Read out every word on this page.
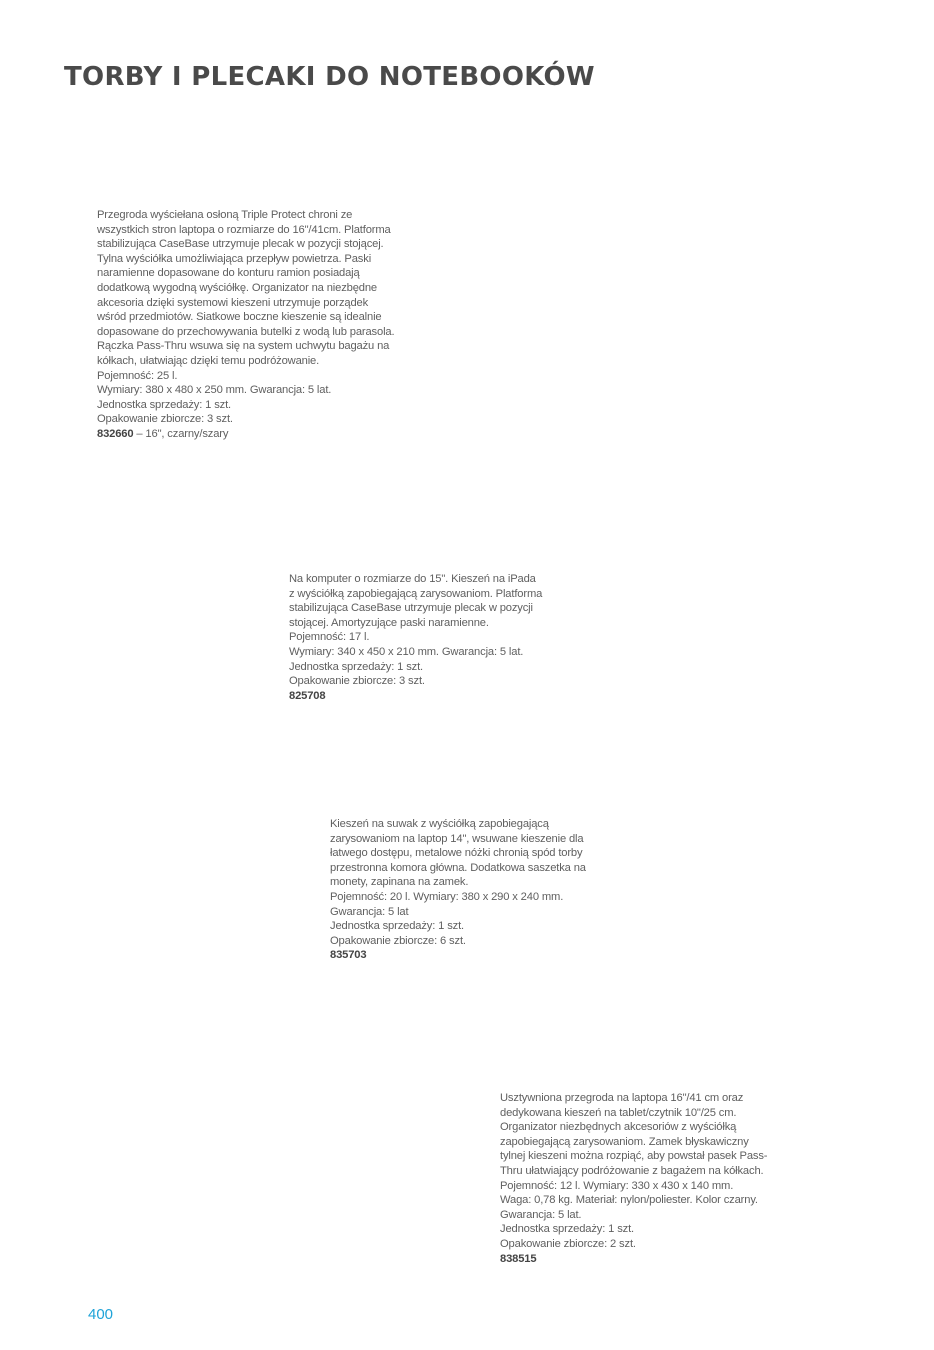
TORBY I PLECAKI DO NOTEBOOKÓW
Przegroda wyściełana osłoną Triple Protect chroni ze
wszystkich stron laptopa o rozmiarze do 16"/41cm. Platforma
stabilizująca CaseBase utrzymuje plecak w pozycji stojącej.
Tylna wyściółka umożliwiająca przepływ powietrza. Paski
naramienne dopasowane do konturu ramion posiadają
dodatkową wygodną wyściółkę. Organizator na niezbędne
akcesoria dzięki systemowi kieszeni utrzymuje porządek
wśród przedmiotów. Siatkowe boczne kieszenie są idealnie
dopasowane do przechowywania butelki z wodą lub parasola.
Rączka Pass-Thru wsuwa się na system uchwytu bagażu na
kółkach, ułatwiając dzięki temu podróżowanie.
Pojemność: 25 l.
Wymiary: 380 x 480 x 250 mm. Gwarancja: 5 lat.
Jednostka sprzedaży: 1 szt.
Opakowanie zbiorcze: 3 szt.
832660 – 16", czarny/szary
Na komputer o rozmiarze do 15". Kieszeń na iPada
z wyściółką zapobiegającą zarysowaniom. Platforma
stabilizująca CaseBase utrzymuje plecak w pozycji
stojącej. Amortyzujące paski naramienne.
Pojemność: 17 l.
Wymiary: 340 x 450 x 210 mm. Gwarancja: 5 lat.
Jednostka sprzedaży: 1 szt.
Opakowanie zbiorcze: 3 szt.
825708
Kieszeń na suwak z wyściółką zapobiegającą
zarysowaniom na laptop 14", wsuwane kieszenie dla
łatwego dostępu, metalowe nóżki chronią spód torby
przestronna komora główna. Dodatkowa saszetka na
monety, zapinana na zamek.
Pojemność: 20 l. Wymiary: 380 x 290 x 240 mm.
Gwarancja: 5 lat
Jednostka sprzedaży: 1 szt.
Opakowanie zbiorcze: 6 szt.
835703
Usztywniona przegroda na laptopa 16"/41 cm oraz
dedykowana kieszeń na tablet/czytnik 10"/25 cm.
Organizator niezbędnych akcesoriów z wyściółką
zapobiegającą zarysowaniom. Zamek błyskawiczny
tylnej kieszeni można rozpiąć, aby powstał pasek Pass-
Thru ułatwiający podróżowanie z bagażem na kółkach.
Pojemność: 12 l. Wymiary: 330 x 430 x 140 mm.
Waga: 0,78 kg. Materiał: nylon/poliester. Kolor czarny.
Gwarancja: 5 lat.
Jednostka sprzedaży: 1 szt.
Opakowanie zbiorcze: 2 szt.
838515
400
